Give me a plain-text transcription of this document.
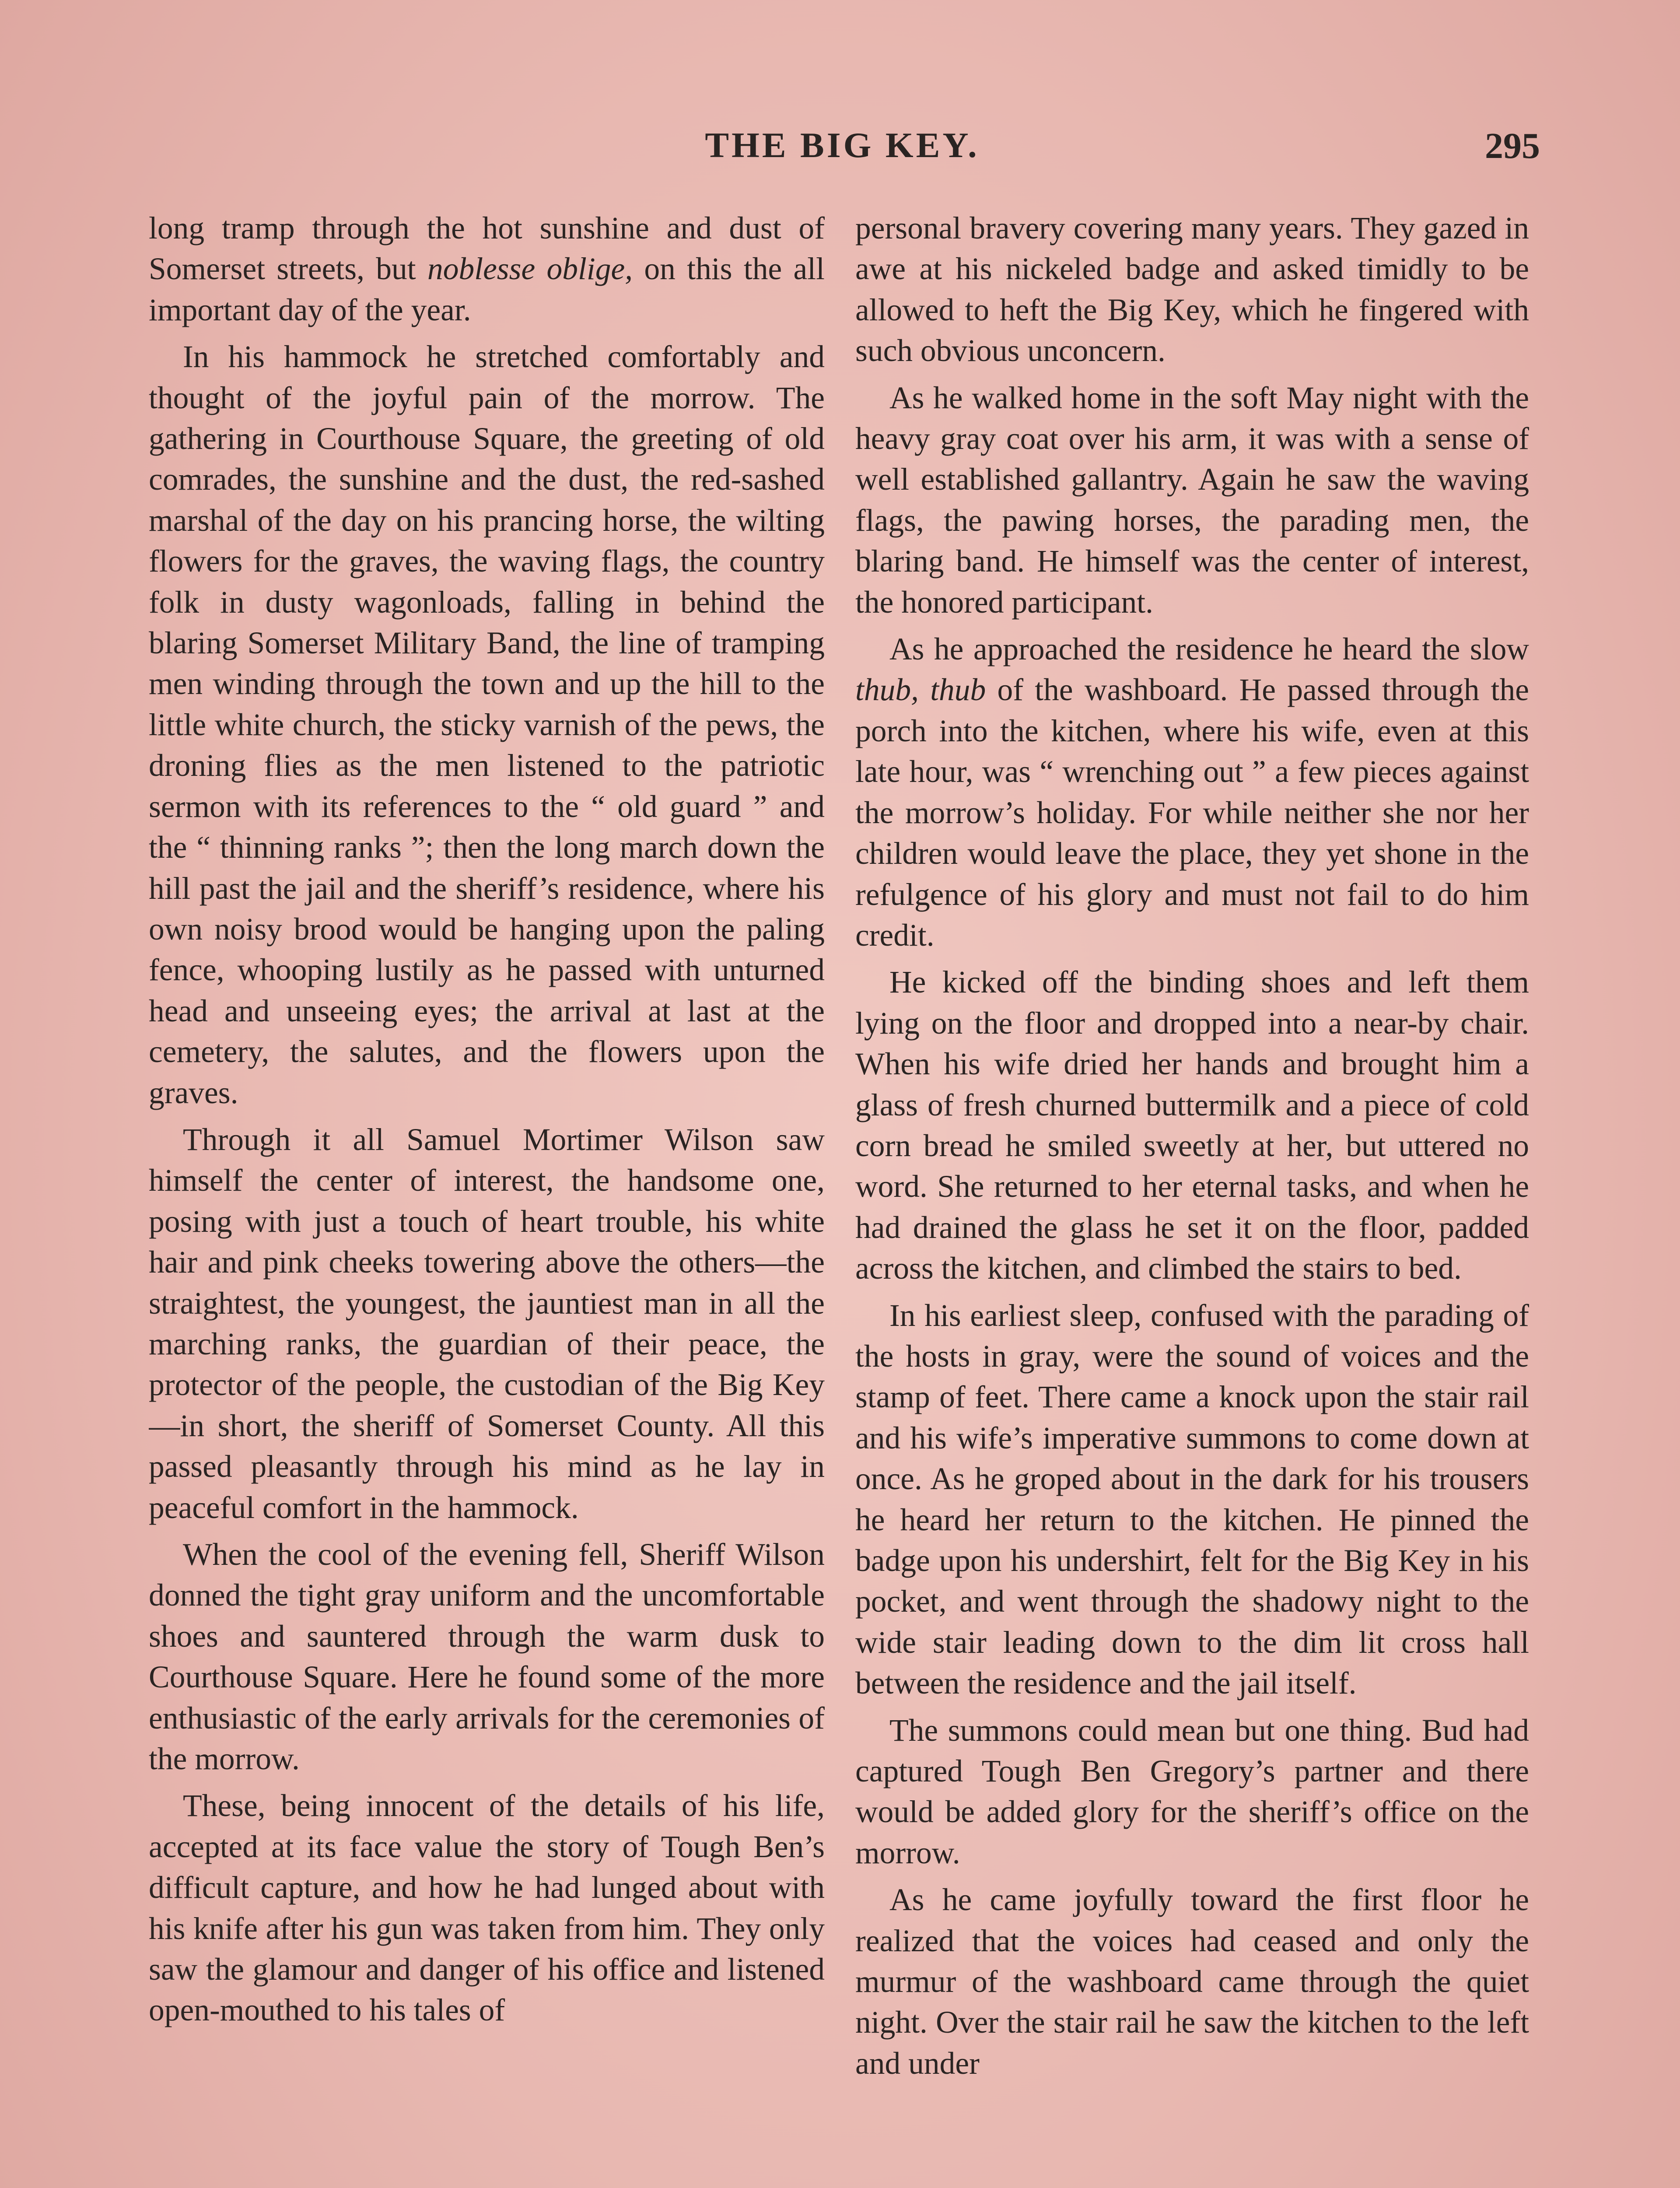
THE BIG KEY.	295

long tramp through the hot sunshine and dust of Somerset streets, but noblesse oblige, on this the all important day of the year.

In his hammock he stretched comfortably and thought of the joyful pain of the morrow. The gathering in Courthouse Square, the greeting of old comrades, the sunshine and the dust, the red-sashed marshal of the day on his prancing horse, the wilting flowers for the graves, the waving flags, the country folk in dusty wagonloads, falling in behind the blaring Somerset Military Band, the line of tramping men winding through the town and up the hill to the little white church, the sticky varnish of the pews, the droning flies as the men listened to the patriotic sermon with its references to the “ old guard ” and the “ thinning ranks ”; then the long march down the hill past the jail and the sheriff’s residence, where his own noisy brood would be hanging upon the paling fence, whooping lustily as he passed with unturned head and unseeing eyes; the arrival at last at the cemetery, the salutes, and the flowers upon the graves.

Through it all Samuel Mortimer Wilson saw himself the center of interest, the handsome one, posing with just a touch of heart trouble, his white hair and pink cheeks towering above the others—the straightest, the youngest, the jauntiest man in all the marching ranks, the guardian of their peace, the protector of the people, the custodian of the Big Key—in short, the sheriff of Somerset County. All this passed pleasantly through his mind as he lay in peaceful comfort in the hammock.

When the cool of the evening fell, Sheriff Wilson donned the tight gray uniform and the uncomfortable shoes and sauntered through the warm dusk to Courthouse Square. Here he found some of the more enthusiastic of the early arrivals for the ceremonies of the morrow.

These, being innocent of the details of his life, accepted at its face value the story of Tough Ben’s difficult capture, and how he had lunged about with his knife after his gun was taken from him. They only saw the glamour and danger of his office and listened open-mouthed to his tales of

personal bravery covering many years. They gazed in awe at his nickeled badge and asked timidly to be allowed to heft the Big Key, which he fingered with such obvious unconcern.

As he walked home in the soft May night with the heavy gray coat over his arm, it was with a sense of well established gallantry. Again he saw the waving flags, the pawing horses, the parading men, the blaring band. He himself was the center of interest, the honored participant.

As he approached the residence he heard the slow thub, thub of the washboard. He passed through the porch into the kitchen, where his wife, even at this late hour, was “ wrenching out ” a few pieces against the morrow’s holiday. For while neither she nor her children would leave the place, they yet shone in the refulgence of his glory and must not fail to do him credit.

He kicked off the binding shoes and left them lying on the floor and dropped into a near-by chair. When his wife dried her hands and brought him a glass of fresh churned buttermilk and a piece of cold corn bread he smiled sweetly at her, but uttered no word. She returned to her eternal tasks, and when he had drained the glass he set it on the floor, padded across the kitchen, and climbed the stairs to bed.

In his earliest sleep, confused with the parading of the hosts in gray, were the sound of voices and the stamp of feet. There came a knock upon the stair rail and his wife’s imperative summons to come down at once. As he groped about in the dark for his trousers he heard her return to the kitchen. He pinned the badge upon his undershirt, felt for the Big Key in his pocket, and went through the shadowy night to the wide stair leading down to the dim lit cross hall between the residence and the jail itself.

The summons could mean but one thing. Bud had captured Tough Ben Gregory’s partner and there would be added glory for the sheriff’s office on the morrow.

As he came joyfully toward the first floor he realized that the voices had ceased and only the murmur of the washboard came through the quiet night. Over the stair rail he saw the kitchen to the left and under
